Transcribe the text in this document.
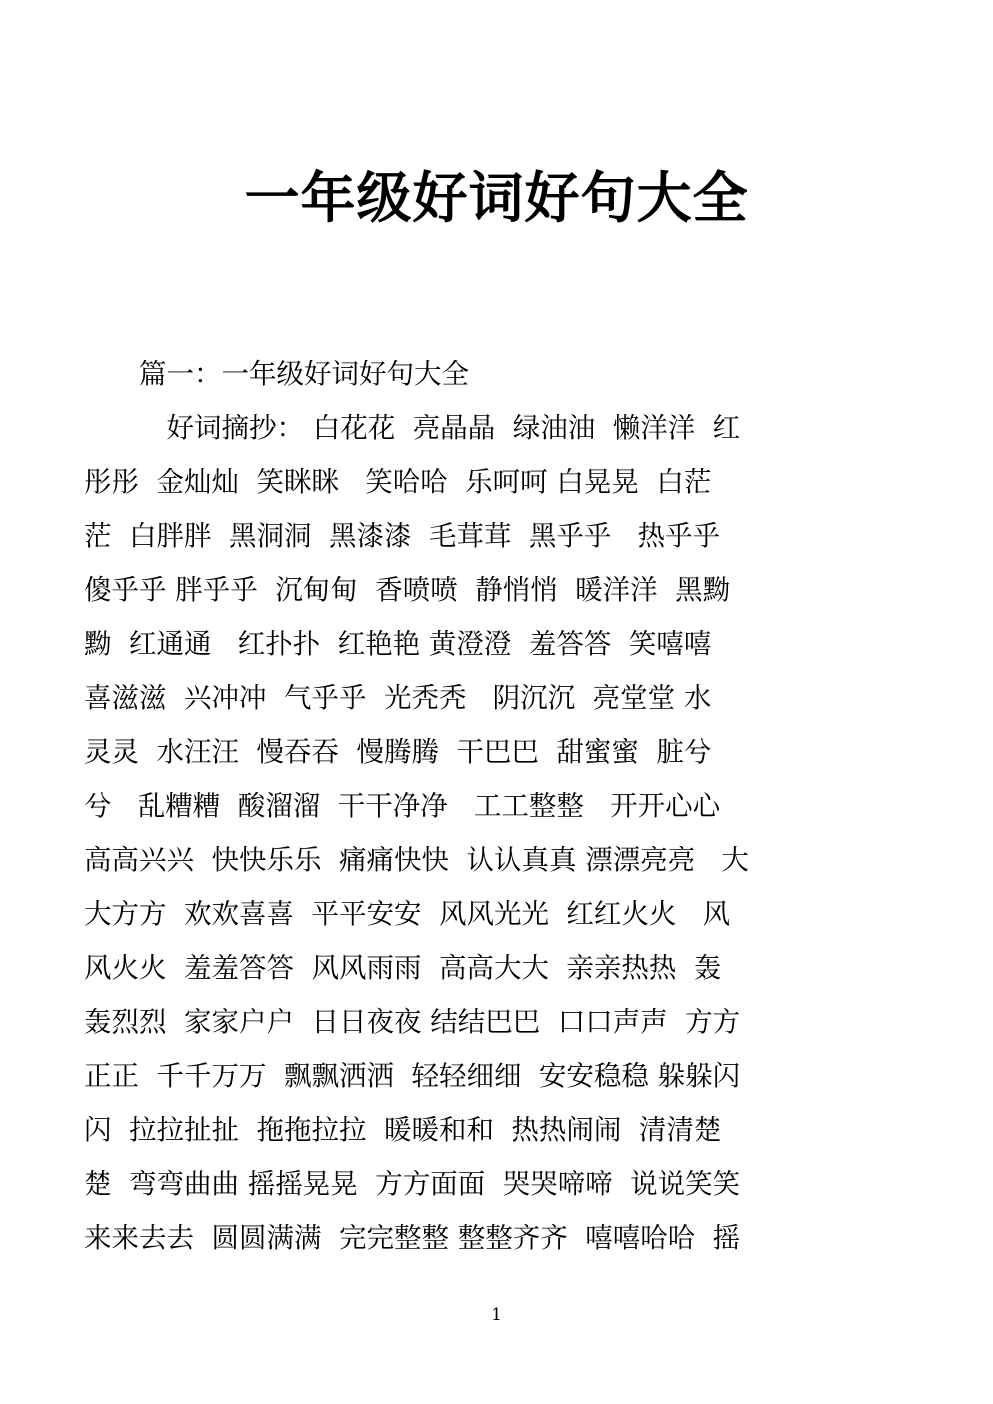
一年级好词好句大全

篇一：一年级好词好句大全

好词摘抄： 白花花  亮晶晶  绿油油  懒洋洋  红
彤彤  金灿灿  笑眯眯   笑哈哈  乐呵呵 白晃晃  白茫
茫  白胖胖  黑洞洞  黑漆漆  毛茸茸  黑乎乎   热乎乎
傻乎乎 胖乎乎  沉甸甸  香喷喷  静悄悄  暖洋洋  黑黝
黝  红通通   红扑扑  红艳艳 黄澄澄  羞答答  笑嘻嘻
喜滋滋  兴冲冲  气乎乎  光秃秃   阴沉沉  亮堂堂 水
灵灵  水汪汪  慢吞吞  慢腾腾  干巴巴  甜蜜蜜  脏兮
兮   乱糟糟  酸溜溜  干干净净   工工整整   开开心心
高高兴兴  快快乐乐  痛痛快快  认认真真 漂漂亮亮   大
大方方  欢欢喜喜  平平安安  风风光光  红红火火   风
风火火  羞羞答答  风风雨雨  高高大大  亲亲热热  轰
轰烈烈  家家户户  日日夜夜 结结巴巴  口口声声  方方
正正  千千万万  飘飘洒洒  轻轻细细  安安稳稳 躲躲闪
闪  拉拉扯扯  拖拖拉拉  暖暖和和  热热闹闹  清清楚
楚  弯弯曲曲 摇摇晃晃  方方面面  哭哭啼啼  说说笑笑
来来去去  圆圆满满  完完整整 整整齐齐  嘻嘻哈哈  摇
1
